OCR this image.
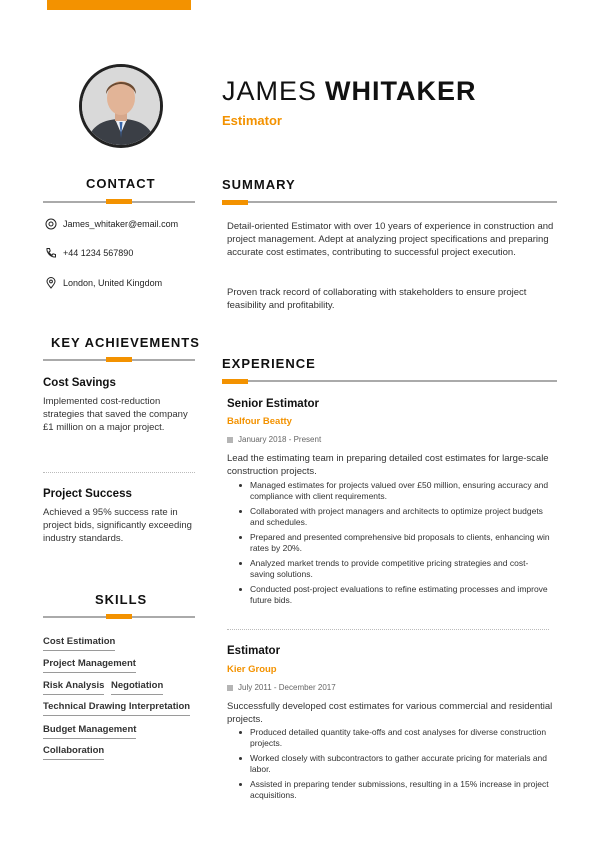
JAMES WHITAKER
Estimator
CONTACT
James_whitaker@email.com
+44 1234 567890
London, United Kingdom
KEY ACHIEVEMENTS
Cost Savings
Implemented cost-reduction strategies that saved the company £1 million on a major project.
Project Success
Achieved a 95% success rate in project bids, significantly exceeding industry standards.
SKILLS
Cost Estimation
Project Management
Risk Analysis Negotiation
Technical Drawing Interpretation
Budget Management
Collaboration
SUMMARY
Detail-oriented Estimator with over 10 years of experience in construction and project management. Adept at analyzing project specifications and preparing accurate cost estimates, contributing to successful project execution.
Proven track record of collaborating with stakeholders to ensure project feasibility and profitability.
EXPERIENCE
Senior Estimator
Balfour Beatty
January 2018 - Present
Lead the estimating team in preparing detailed cost estimates for large-scale construction projects.
Managed estimates for projects valued over £50 million, ensuring accuracy and compliance with client requirements.
Collaborated with project managers and architects to optimize project budgets and schedules.
Prepared and presented comprehensive bid proposals to clients, enhancing win rates by 20%.
Analyzed market trends to provide competitive pricing strategies and cost-saving solutions.
Conducted post-project evaluations to refine estimating processes and improve future bids.
Estimator
Kier Group
July 2011 - December 2017
Successfully developed cost estimates for various commercial and residential projects.
Produced detailed quantity take-offs and cost analyses for diverse construction projects.
Worked closely with subcontractors to gather accurate pricing for materials and labor.
Assisted in preparing tender submissions, resulting in a 15% increase in project acquisitions.
